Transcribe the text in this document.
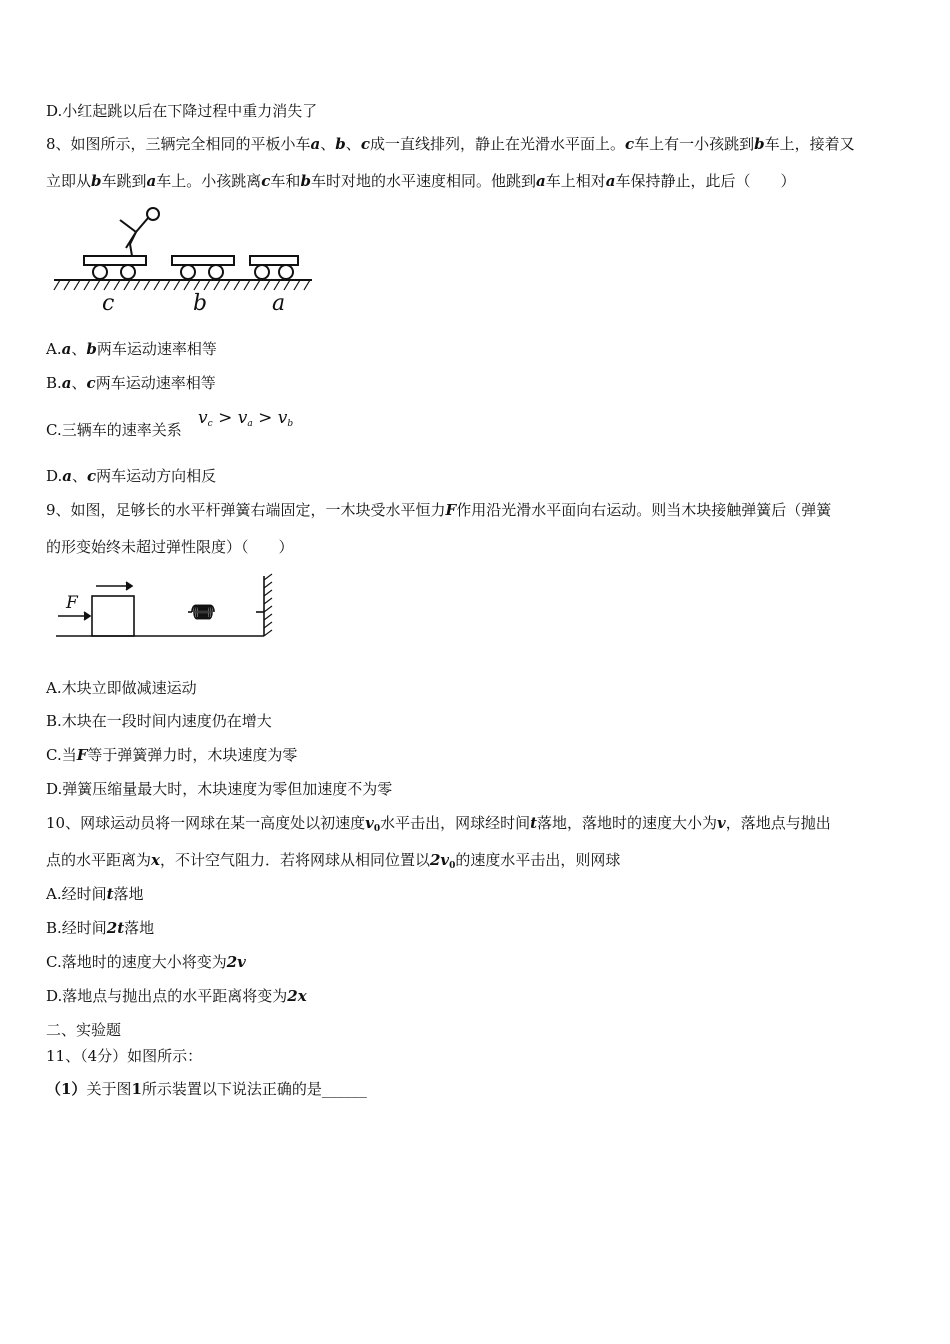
D.小红起跳以后在下降过程中重力消失了
8、如图所示，三辆完全相同的平板小车a、b、c成一直线排列，静止在光滑水平面上。c车上有一小孩跳到b车上，接着又
立即从b车跳到a车上。小孩跳离c车和b车时对地的水平速度相同。他跳到a车上相对a车保持静止，此后（　　）
c	b	a
A.a、b两车运动速率相等
B.a、c两车运动速率相等
C.三辆车的速率关系
$v_c > v_a > v_b$
D.a、c两车运动方向相反
9、如图，足够长的水平杆弹簧右端固定，一木块受水平恒力F作用沿光滑水平面向右运动。则当木块接触弹簧后（弹簧
的形变始终未超过弹性限度）（　　）
F
A.木块立即做减速运动
B.木块在一段时间内速度仍在增大
C.当F等于弹簧弹力时，木块速度为零
D.弹簧压缩量最大时，木块速度为零但加速度不为零
10、网球运动员将一网球在某一高度处以初速度$v_0$水平击出，网球经时间t落地，落地时的速度大小为v，落地点与抛出
点的水平距离为x，不计空气阻力．若将网球从相同位置以$2v_0$的速度水平击出，则网球
A.经时间t落地
B.经时间2t落地
C.落地时的速度大小将变为2v
D.落地点与抛出点的水平距离将变为2x
二、实验题
11、（4分）如图所示：
（1）关于图1所示装置以下说法正确的是______
